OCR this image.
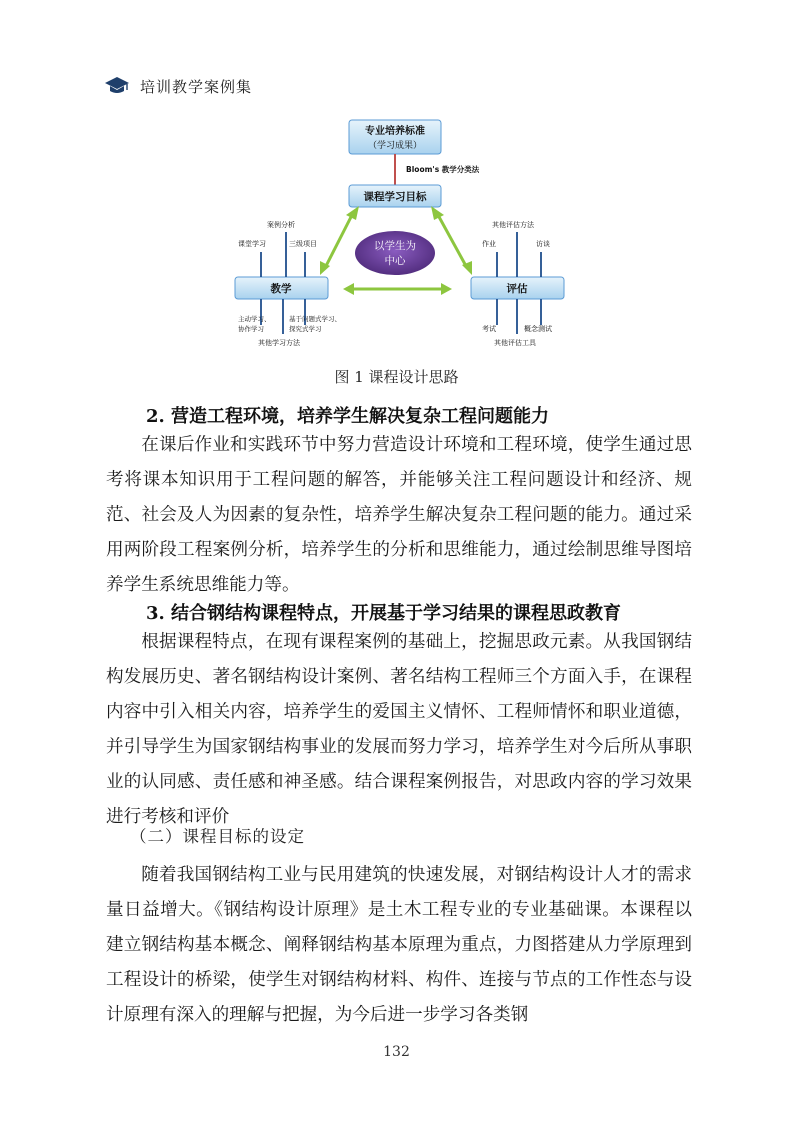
培训教学案例集
专业培养标准
（学习成果）
Bloom's 教学分类法
课程学习目标
教学	评估
以学生为
中心
案例分析
课堂学习	三级项目
主动学习、
协作学习
基于问题式学习、
探究式学习
其他学习方法
其他评估方法
作业	访谈
考试	概念测试
其他评估工具
图 1 课程设计思路
2. 营造工程环境，培养学生解决复杂工程问题能力

在课后作业和实践环节中努力营造设计环境和工程环境，使学生通过思考将课本知识用于工程问题的解答，并能够关注工程问题设计和经济、规范、社会及人为因素的复杂性，培养学生解决复杂工程问题的能力。通过采用两阶段工程案例分析，培养学生的分析和思维能力，通过绘制思维导图培养学生系统思维能力等。

3. 结合钢结构课程特点，开展基于学习结果的课程思政教育

根据课程特点，在现有课程案例的基础上，挖掘思政元素。从我国钢结构发展历史、著名钢结构设计案例、著名结构工程师三个方面入手，在课程内容中引入相关内容，培养学生的爱国主义情怀、工程师情怀和职业道德，并引导学生为国家钢结构事业的发展而努力学习，培养学生对今后所从事职业的认同感、责任感和神圣感。结合课程案例报告，对思政内容的学习效果进行考核和评价

（二）课程目标的设定

随着我国钢结构工业与民用建筑的快速发展，对钢结构设计人才的需求量日益增大。《钢结构设计原理》是土木工程专业的专业基础课。本课程以建立钢结构基本概念、阐释钢结构基本原理为重点，力图搭建从力学原理到工程设计的桥梁，使学生对钢结构材料、构件、连接与节点的工作性态与设计原理有深入的理解与把握，为今后进一步学习各类钢

132
